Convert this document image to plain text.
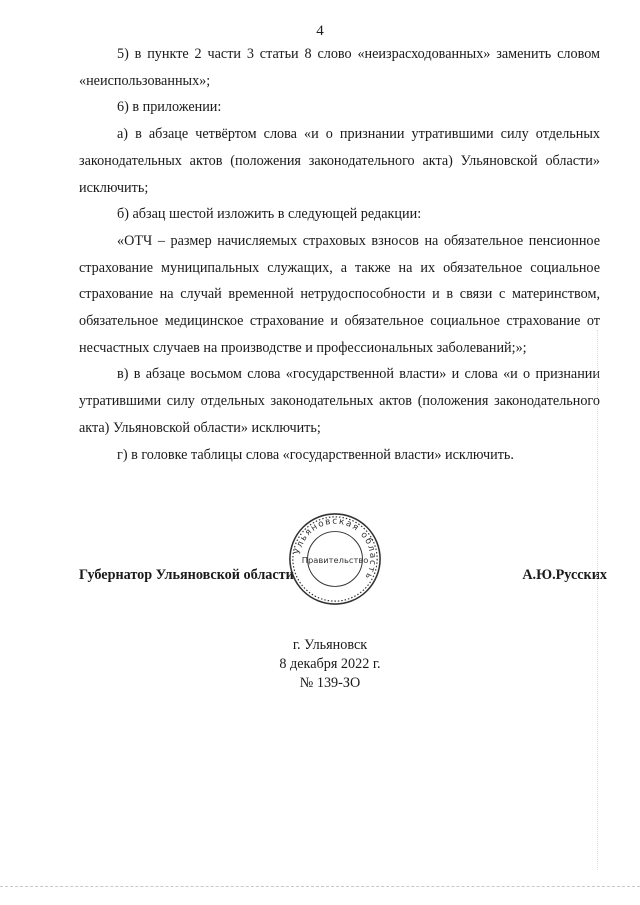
4

5) в пункте 2 части 3 статьи 8 слово «неизрасходованных» заменить словом «неиспользованных»;

6) в приложении:

а) в абзаце четвёртом слова «и о признании утратившими силу отдельных законодательных актов (положения законодательного акта) Ульяновской области» исключить;

б) абзац шестой изложить в следующей редакции:

«ОТЧ – размер начисляемых страховых взносов на обязательное пенсионное страхование муниципальных служащих, а также на их обязательное социальное страхование на случай временной нетрудоспособности и в связи с материнством, обязательное медицинское страхование и обязательное социальное страхование от несчастных случаев на производстве и профессиональных заболеваний;»;

в) в абзаце восьмом слова «государственной власти» и слова «и о признании утратившими силу отдельных законодательных актов (положения законодательного акта) Ульяновской области» исключить;

г) в головке таблицы слова «государственной власти» исключить.

Губернатор Ульяновской области	А.Ю.Русских
Ульяновская область
Правительство
г. Ульяновск
8 декабря 2022 г.
№ 139-ЗО
